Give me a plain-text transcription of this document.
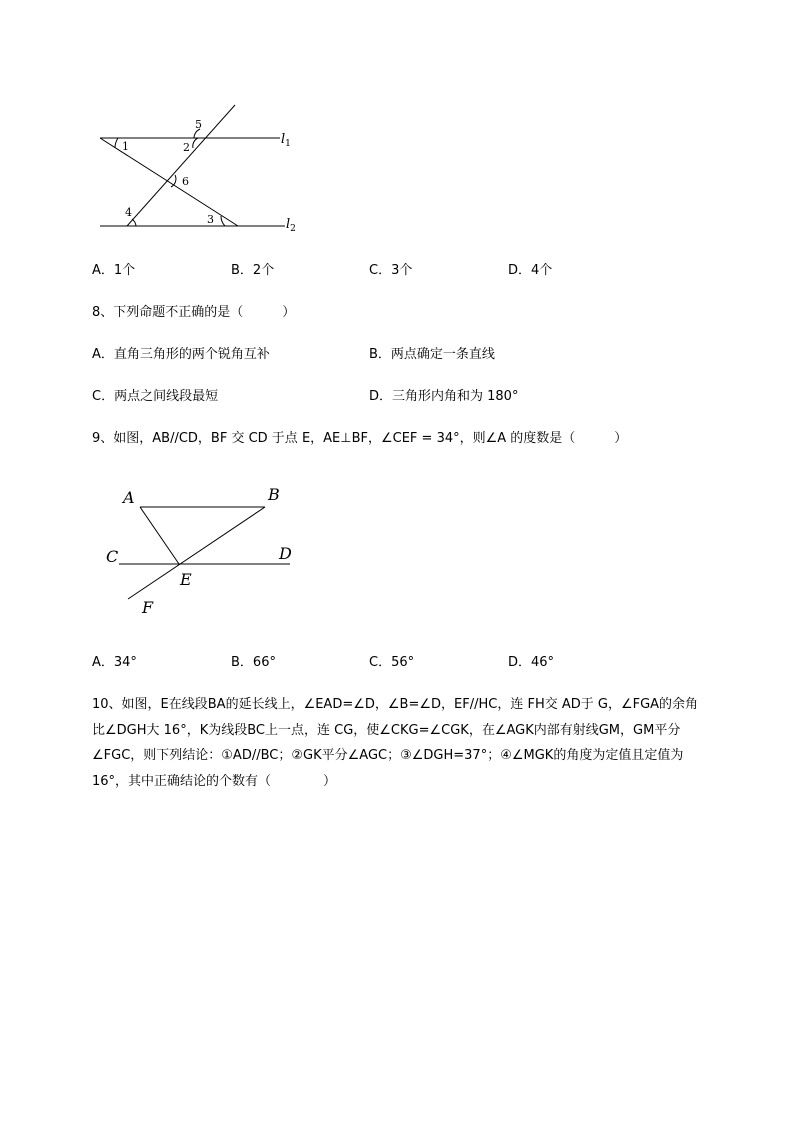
1	2
3
4
5
6
$l_1$
$l_2$
A．1个	B．2个	C．3个	D．4个
8、下列命题不正确的是（　　　）
A．直角三角形的两个锐角互补	B．两点确定一条直线
C．两点之间线段最短	D．三角形内角和为 180°
9、如图，AB//CD，BF 交 CD 于点 E，AE⊥BF，∠CEF = 34°，则∠A 的度数是（　　　）
A	B
C	D
E
F
A．34°	B．66°	C．56°	D．46°
10、如图，E在线段BA的延长线上，∠EAD=∠D，∠B=∠D，EF//HC，连 FH交 AD于 G，∠FGA的余角
比∠DGH大 16°，K为线段BC上一点，连 CG，使∠CKG=∠CGK，在∠AGK内部有射线GM，GM平分
∠FGC，则下列结论：①AD//BC；②GK平分∠AGC；③∠DGH=37°；④∠MGK的角度为定值且定值为
16°，其中正确结论的个数有（　　　　）
